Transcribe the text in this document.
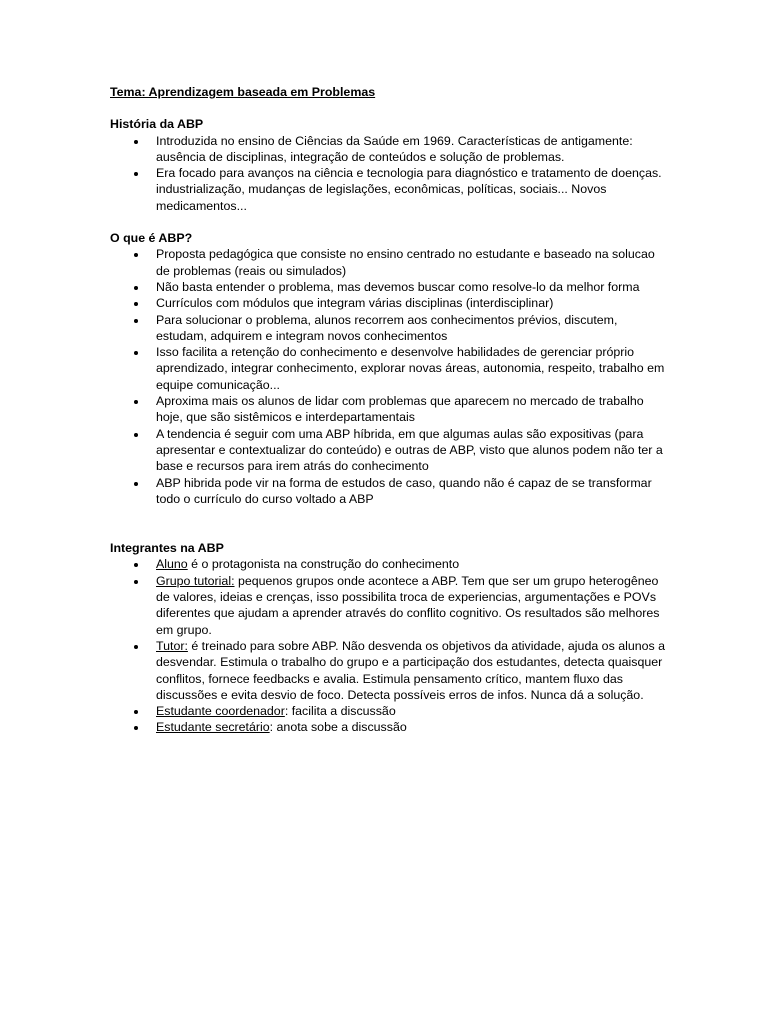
Tema: Aprendizagem baseada em Problemas

História da ABP

Introduzida no ensino de Ciências da Saúde em 1969. Características de antigamente: ausência de disciplinas, integração de conteúdos e solução de problemas.
Era focado para avanços na ciência e tecnologia para diagnóstico e tratamento de doenças. industrialização, mudanças de legislações, econômicas, políticas, sociais... Novos medicamentos...

O que é ABP?

Proposta pedagógica que consiste no ensino centrado no estudante e baseado na solucao de problemas (reais ou simulados)
Não basta entender o problema, mas devemos buscar como resolve-lo da melhor forma
Currículos com módulos que integram várias disciplinas (interdisciplinar)
Para solucionar o problema, alunos recorrem aos conhecimentos prévios, discutem, estudam, adquirem e integram novos conhecimentos
Isso facilita a retenção do conhecimento e desenvolve habilidades de gerenciar próprio aprendizado, integrar conhecimento, explorar novas áreas, autonomia, respeito, trabalho em equipe comunicação...
Aproxima mais os alunos de lidar com problemas que aparecem no mercado de trabalho hoje, que são sistêmicos e interdepartamentais
A tendencia é seguir com uma ABP híbrida, em que algumas aulas são expositivas (para apresentar e contextualizar do conteúdo) e outras de ABP, visto que alunos podem não ter a base e recursos para irem atrás do conhecimento
ABP hibrida pode vir na forma de estudos de caso, quando não é capaz de se transformar todo o currículo do curso voltado a ABP

Integrantes na ABP

Aluno é o protagonista na construção do conhecimento
Grupo tutorial: pequenos grupos onde acontece a ABP. Tem que ser um grupo heterogêneo de valores, ideias e crenças, isso possibilita troca de experiencias, argumentações e POVs diferentes que ajudam a aprender através do conflito cognitivo. Os resultados são melhores em grupo.
Tutor: é treinado para sobre ABP. Não desvenda os objetivos da atividade, ajuda os alunos a desvendar. Estimula o trabalho do grupo e a participação dos estudantes, detecta quaisquer conflitos, fornece feedbacks e avalia. Estimula pensamento crítico, mantem fluxo das discussões e evita desvio de foco. Detecta possíveis erros de infos. Nunca dá a solução.
Estudante coordenador: facilita a discussão
Estudante secretário: anota sobe a discussão
